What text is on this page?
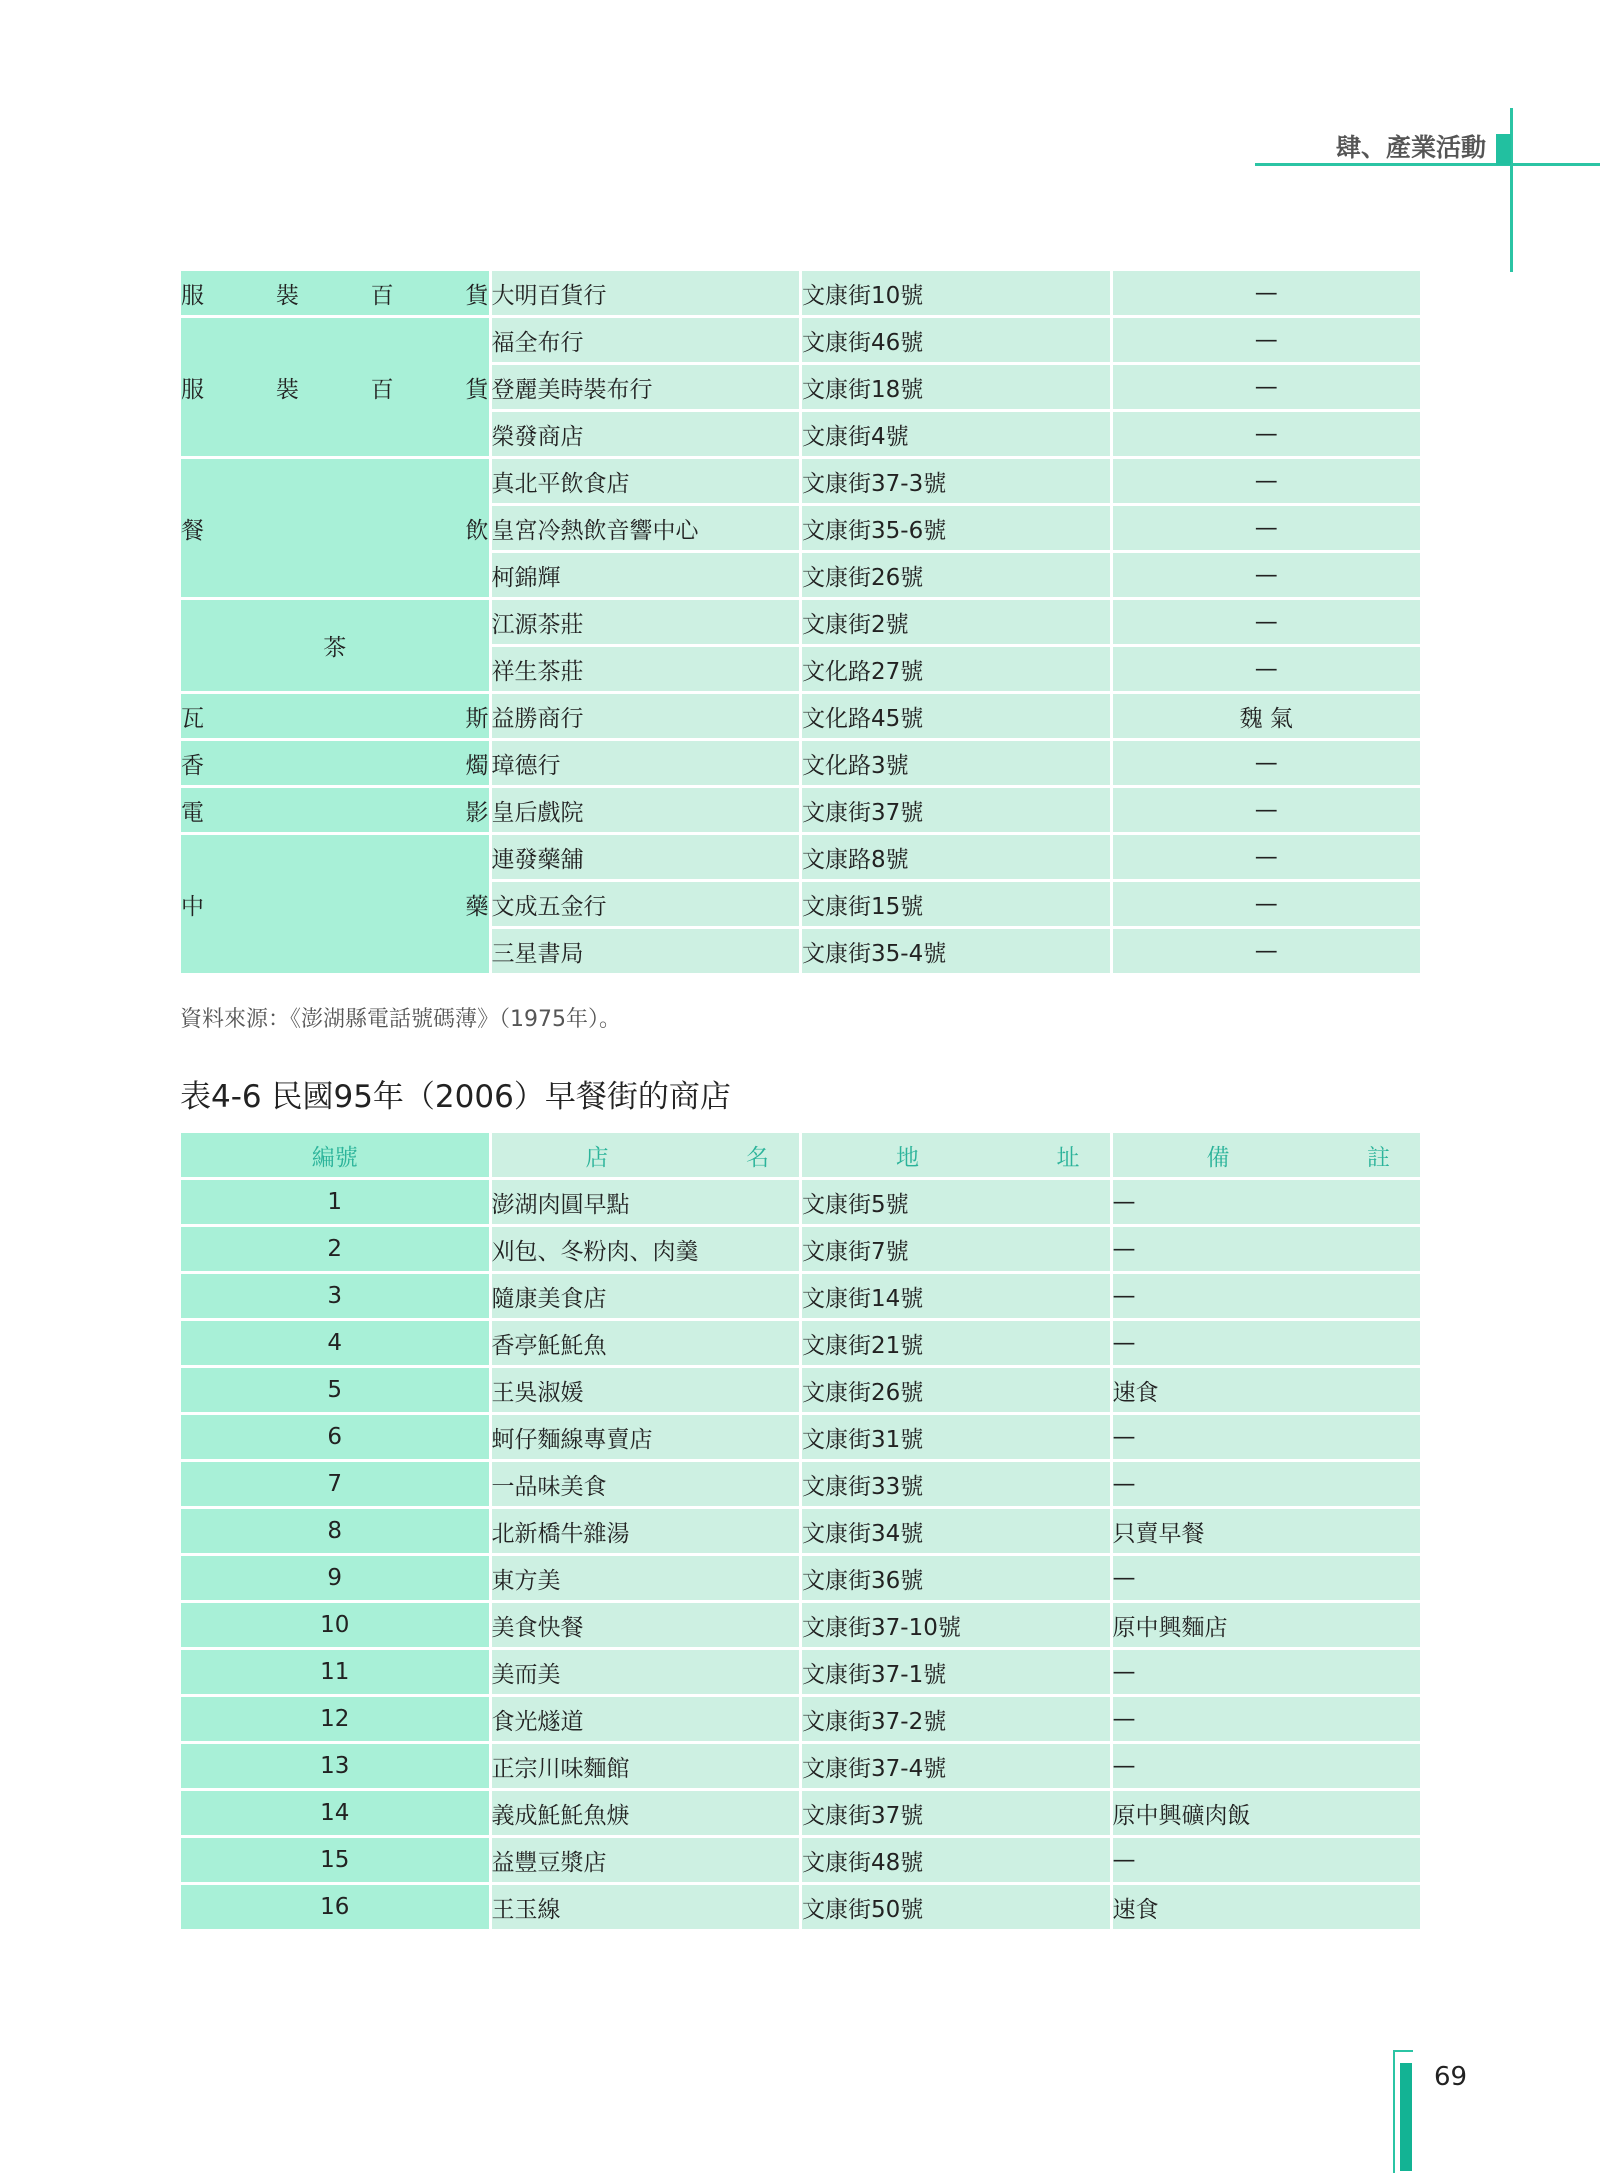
肆、產業活動
服裝百貨	大明百貨行	文康街10號	—
服裝百貨	福全布行	文康街46號	—
	登麗美時裝布行	文康街18號	—
	榮發商店	文康街4號	—
餐飲	真北平飲食店	文康街37-3號	—
	皇宮冷熱飲音響中心	文康街35-6號	—
	柯錦輝	文康街26號	—
茶	江源茶莊	文康街2號	—
	祥生茶莊	文化路27號	—
瓦斯	益勝商行	文化路45號	魏 氣
香燭	璋德行	文化路3號	—
電影	皇后戲院	文康街37號	—
中藥	連發藥舖	文康路8號	—
	文成五金行	文康街15號	—
	三星書局	文康街35-4號	—
資料來源：《澎湖縣電話號碼薄》（1975年）。
表4-6 民國95年（2006）早餐街的商店
編號	店名	地址	備註
1	澎湖肉圓早點	文康街5號	—
2	刈包、冬粉肉、肉羹	文康街7號	—
3	隨康美食店	文康街14號	—
4	香亭魠魠魚	文康街21號	—
5	王吳淑媛	文康街26號	速食
6	蚵仔麵線專賣店	文康街31號	—
7	一品味美食	文康街33號	—
8	北新橋牛雜湯	文康街34號	只賣早餐
9	東方美	文康街36號	—
10	美食快餐	文康街37-10號	原中興麵店
11	美而美	文康街37-1號	—
12	食光燧道	文康街37-2號	—
13	正宗川味麵館	文康街37-4號	—
14	義成魠魠魚焿	文康街37號	原中興礦肉飯
15	益豐豆漿店	文康街48號	—
16	王玉線	文康街50號	速食
69
